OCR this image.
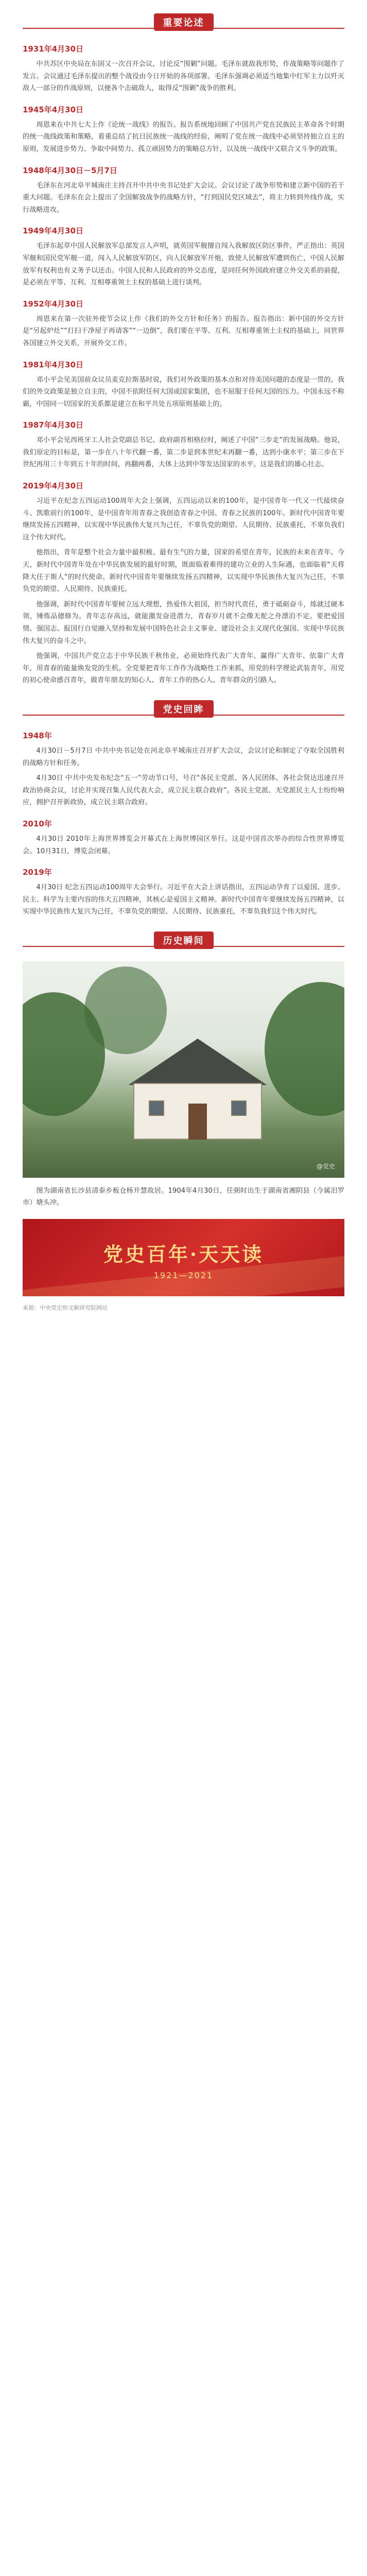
重要论述
1931年4月30日

中共苏区中央局在东固又一次召开会议，讨论反“围剿”问题。毛泽东就敌我形势，作战策略等问题作了发言。会议通过毛泽东提出的整个战役由今日开始的各项部署。毛泽东强调必须适当地集中红军主力以歼灭敌人一部分的作战原则，以便各个击破敌人，取得反“围剿”战争的胜利。

1945年4月30日

周恩来在中共七大上作《论统一战线》的报告。报告系统地回顾了中国共产党在民族民主革命各个时期的统一战线政策和策略，着重总结了抗日民族统一战线的经验，阐明了党在统一战线中必须坚持独立自主的原则，发展进步势力、争取中间势力、孤立顽固势力的策略总方针，以及统一战线中又联合又斗争的政策。

1948年4月30日－5月7日

毛泽东在河北阜平城南庄主持召开中共中央书记处扩大会议。会议讨论了战争形势和建立新中国的若干重大问题。毛泽东在会上提出了全国解放战争的战略方针，“打到国民党区域去”，将主力转到外线作战，实行战略进攻。

1949年4月30日

毛泽东起草中国人民解放军总部发言人声明，就英国军舰擅自闯入我解放区防区事件，严正指出：英国军舰和国民党军舰一道，闯入人民解放军防区，向人民解放军开炮，致使人民解放军遭到伤亡，中国人民解放军有权利也有义务予以还击。中国人民和人民政府的外交态度，是同任何外国政府建立外交关系的前提，是必须在平等、互利、互相尊重领土主权的基础上进行谈判。

1952年4月30日

周恩来在第一次驻外使节会议上作《我们的外交方针和任务》的报告。报告指出：新中国的外交方针是“另起炉灶”“打扫干净屋子再请客”“一边倒”，我们要在平等、互利、互相尊重领土主权的基础上，同世界各国建立外交关系，开展外交工作。

1981年4月30日

邓小平会见美国前众议员麦克拉斯基时说，我们对外政策的基本点和对待美国问题的态度是一贯的。我们的外交政策是独立自主的，中国不依附任何大国或国家集团，也不屈服于任何大国的压力。中国永远不称霸，中国同一切国家的关系都是建立在和平共处五项原则基础上的。

1987年4月30日

邓小平会见西班牙工人社会党副总书记、政府副首相格拉时，阐述了中国“三步走”的发展战略。他说，我们原定的目标是，第一步在八十年代翻一番，第二步是到本世纪末再翻一番，达到小康水平；第三步在下世纪再用三十年到五十年的时间，再翻两番，大体上达到中等发达国家的水平。这是我们的雄心壮志。

2019年4月30日

习近平在纪念五四运动100周年大会上强调，五四运动以来的100年，是中国青年一代又一代接续奋斗、凯歌前行的100年，是中国青年用青春之我创造青春之中国、青春之民族的100年。新时代中国青年要继续发扬五四精神，以实现中华民族伟大复兴为己任，不辜负党的期望、人民期待、民族重托，不辜负我们这个伟大时代。

他指出，青年是整个社会力量中最积极、最有生气的力量，国家的希望在青年，民族的未来在青年。今天，新时代中国青年处在中华民族发展的最好时期，既面临着难得的建功立业的人生际遇，也面临着“天将降大任于斯人”的时代使命。新时代中国青年要继续发扬五四精神，以实现中华民族伟大复兴为己任，不辜负党的期望、人民期待、民族重托。

他强调，新时代中国青年要树立远大理想，热爱伟大祖国，担当时代责任，勇于砥砺奋斗，练就过硬本领，锤炼品德修为。青年志存高远，就能激发奋进潜力，青春岁月就不会像无舵之舟漂泊不定。要把爱国情、强国志、报国行自觉融入坚持和发展中国特色社会主义事业、建设社会主义现代化强国、实现中华民族伟大复兴的奋斗之中。

他强调，中国共产党立志于中华民族千秋伟业，必须始终代表广大青年、赢得广大青年、依靠广大青年，用青春的能量焕发党的生机。全党要把青年工作作为战略性工作来抓，用党的科学理论武装青年，用党的初心使命感召青年，做青年朋友的知心人、青年工作的热心人、青年群众的引路人。

党史回眸
1948年

4月30日－5月7日 中共中央书记处在河北阜平城南庄召开扩大会议，会议讨论和制定了夺取全国胜利的战略方针和任务。

4月30日 中共中央发布纪念“五一”劳动节口号，号召“各民主党派、各人民团体、各社会贤达迅速召开政治协商会议，讨论并实现召集人民代表大会，成立民主联合政府”。各民主党派、无党派民主人士纷纷响应，拥护召开新政协，成立民主联合政府。

2010年

4月30日 2010年上海世界博览会开幕式在上海世博园区举行。这是中国首次举办的综合性世界博览会。10月31日，博览会闭幕。

2019年

4月30日 纪念五四运动100周年大会举行。习近平在大会上讲话指出，五四运动孕育了以爱国、进步、民主、科学为主要内容的伟大五四精神，其核心是爱国主义精神。新时代中国青年要继续发扬五四精神，以实现中华民族伟大复兴为己任，不辜负党的期望、人民期待、民族重托，不辜负我们这个伟大时代。

历史瞬间
@党史

图为湖南省长沙县清泰乡板仓杨开慧故居。1904年4月30日，任弼时出生于湖南省湘阴县（今属汨罗市）塘头冲。

党史百年·天天读
1921—2021
来源：中央党史和文献研究院网站
